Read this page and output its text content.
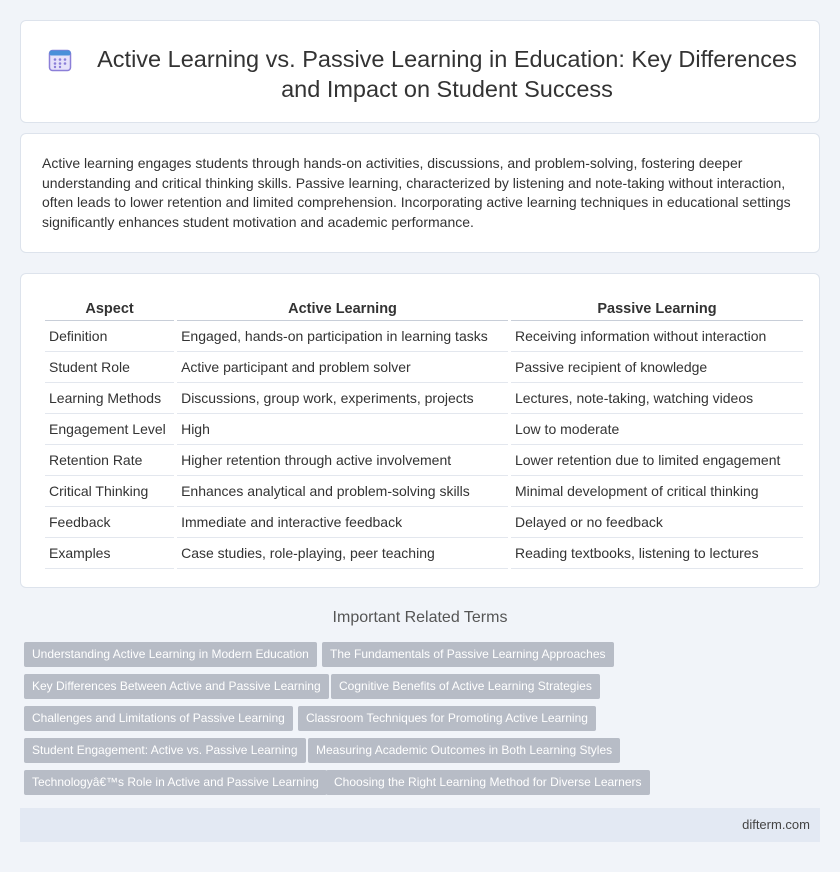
Active Learning vs. Passive Learning in Education: Key Differences and Impact on Student Success

Active learning engages students through hands-on activities, discussions, and problem-solving, fostering deeper understanding and critical thinking skills. Passive learning, characterized by listening and note-taking without interaction, often leads to lower retention and limited comprehension. Incorporating active learning techniques in educational settings significantly enhances student motivation and academic performance.

Aspect	Active Learning	Passive Learning
Definition	Engaged, hands-on participation in learning tasks	Receiving information without interaction
Student Role	Active participant and problem solver	Passive recipient of knowledge
Learning Methods	Discussions, group work, experiments, projects	Lectures, note-taking, watching videos
Engagement Level	High	Low to moderate
Retention Rate	Higher retention through active involvement	Lower retention due to limited engagement
Critical Thinking	Enhances analytical and problem-solving skills	Minimal development of critical thinking
Feedback	Immediate and interactive feedback	Delayed or no feedback
Examples	Case studies, role-playing, peer teaching	Reading textbooks, listening to lectures
Important Related Terms
Understanding Active Learning in Modern Education	The Fundamentals of Passive Learning Approaches
Key Differences Between Active and Passive Learning	Cognitive Benefits of Active Learning Strategies
Challenges and Limitations of Passive Learning	Classroom Techniques for Promoting Active Learning
Student Engagement: Active vs. Passive Learning	Measuring Academic Outcomes in Both Learning Styles
Technologyâ€™s Role in Active and Passive Learning	Choosing the Right Learning Method for Diverse Learners
difterm.com
